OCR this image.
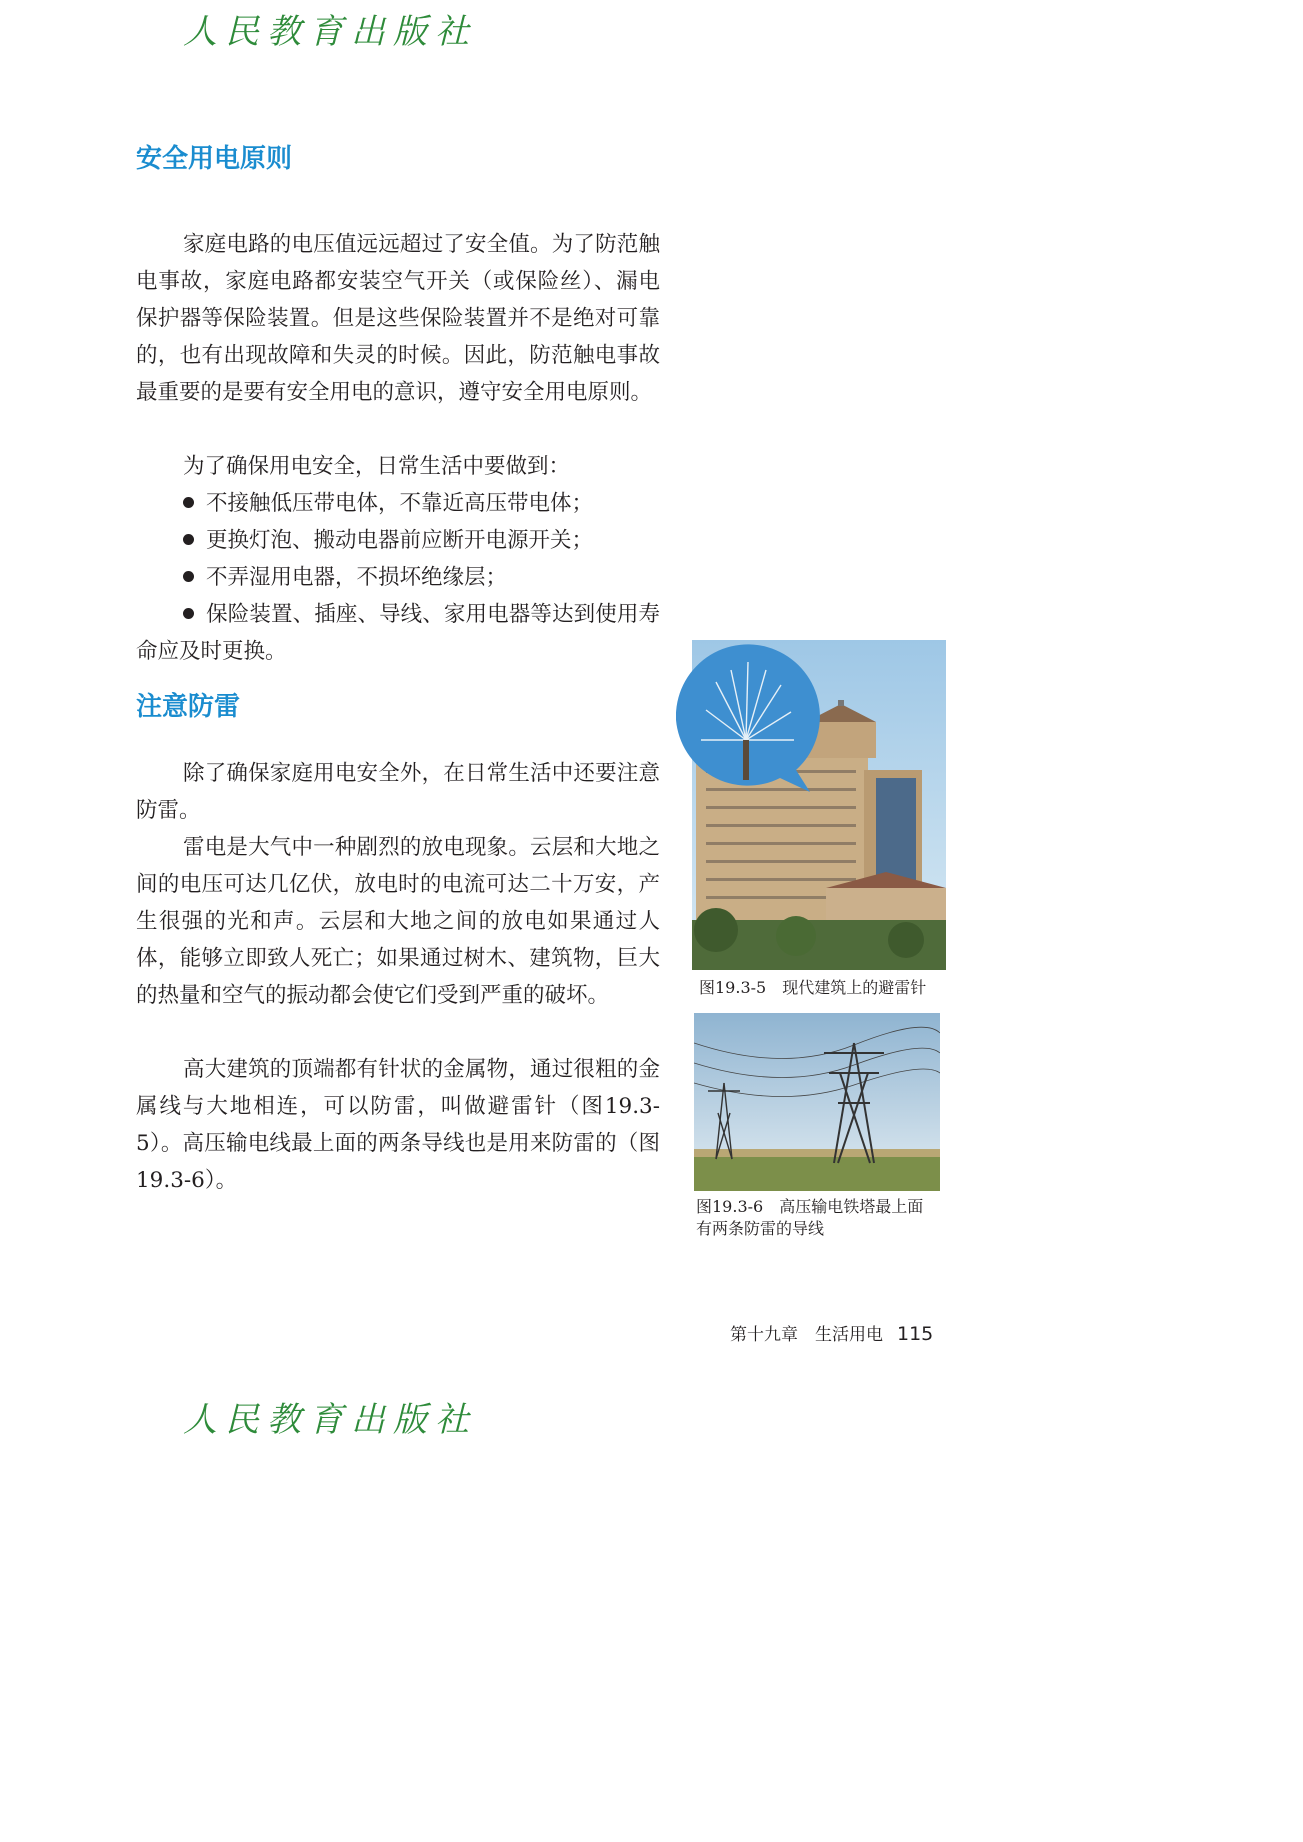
人民教育出版社
安全用电原则

家庭电路的电压值远远超过了安全值。为了防范触电事故，家庭电路都安装空气开关（或保险丝）、漏电保护器等保险装置。但是这些保险装置并不是绝对可靠的，也有出现故障和失灵的时候。因此，防范触电事故最重要的是要有安全用电的意识，遵守安全用电原则。

为了确保用电安全，日常生活中要做到：

不接触低压带电体，不靠近高压带电体；
更换灯泡、搬动电器前应断开电源开关；
不弄湿用电器，不损坏绝缘层；
保险装置、插座、导线、家用电器等达到使用寿命应及时更换。
注意防雷

除了确保家庭用电安全外，在日常生活中还要注意防雷。

雷电是大气中一种剧烈的放电现象。云层和大地之间的电压可达几亿伏，放电时的电流可达二十万安，产生很强的光和声。云层和大地之间的放电如果通过人体，能够立即致人死亡；如果通过树木、建筑物，巨大的热量和空气的振动都会使它们受到严重的破坏。

高大建筑的顶端都有针状的金属物，通过很粗的金属线与大地相连，可以防雷，叫做避雷针（图19.3-5）。高压输电线最上面的两条导线也是用来防雷的（图19.3-6）。

图19.3-5　现代建筑上的避雷针

图19.3-6　高压输电铁塔最上面

有两条防雷的导线

第十九章　生活用电 115
人民教育出版社
